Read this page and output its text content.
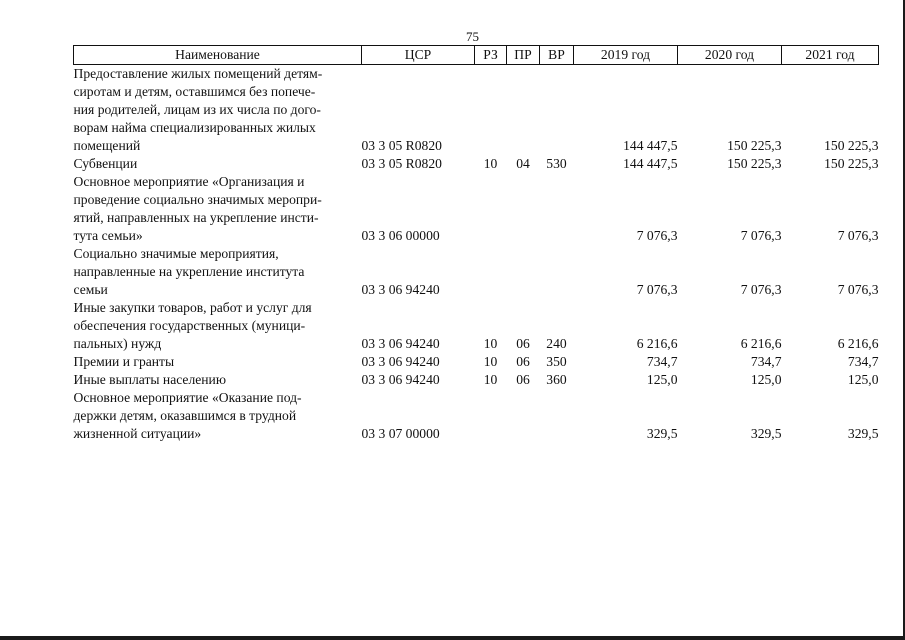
75
Наименование	ЦСР	РЗ	ПР	ВР	2019 год	2020 год	2021 год

Предоставление жилых помещений детям-
сиротам и детям, оставшимся без попече-
ния родителей, лицам из их числа по дого-
ворам найма специализированных жилых
помещений	03 3 05 R0820				144 447,5	150 225,3	150 225,3

Субвенции	03 3 05 R0820	10	04	530	144 447,5	150 225,3	150 225,3

Основное мероприятие «Организация и
проведение социально значимых меропри-
ятий, направленных на укрепление инсти-
тута семьи»	03 3 06 00000				7 076,3	7 076,3	7 076,3

Социально значимые мероприятия,
направленные на укрепление института
семьи	03 3 06 94240				7 076,3	7 076,3	7 076,3

Иные закупки товаров, работ и услуг для
обеспечения государственных (муници-
пальных) нужд	03 3 06 94240	10	06	240	6 216,6	6 216,6	6 216,6

Премии и гранты	03 3 06 94240	10	06	350	734,7	734,7	734,7

Иные выплаты населению	03 3 06 94240	10	06	360	125,0	125,0	125,0

Основное мероприятие «Оказание под-
держки детям, оказавшимся в трудной
жизненной ситуации»	03 3 07 00000				329,5	329,5	329,5
